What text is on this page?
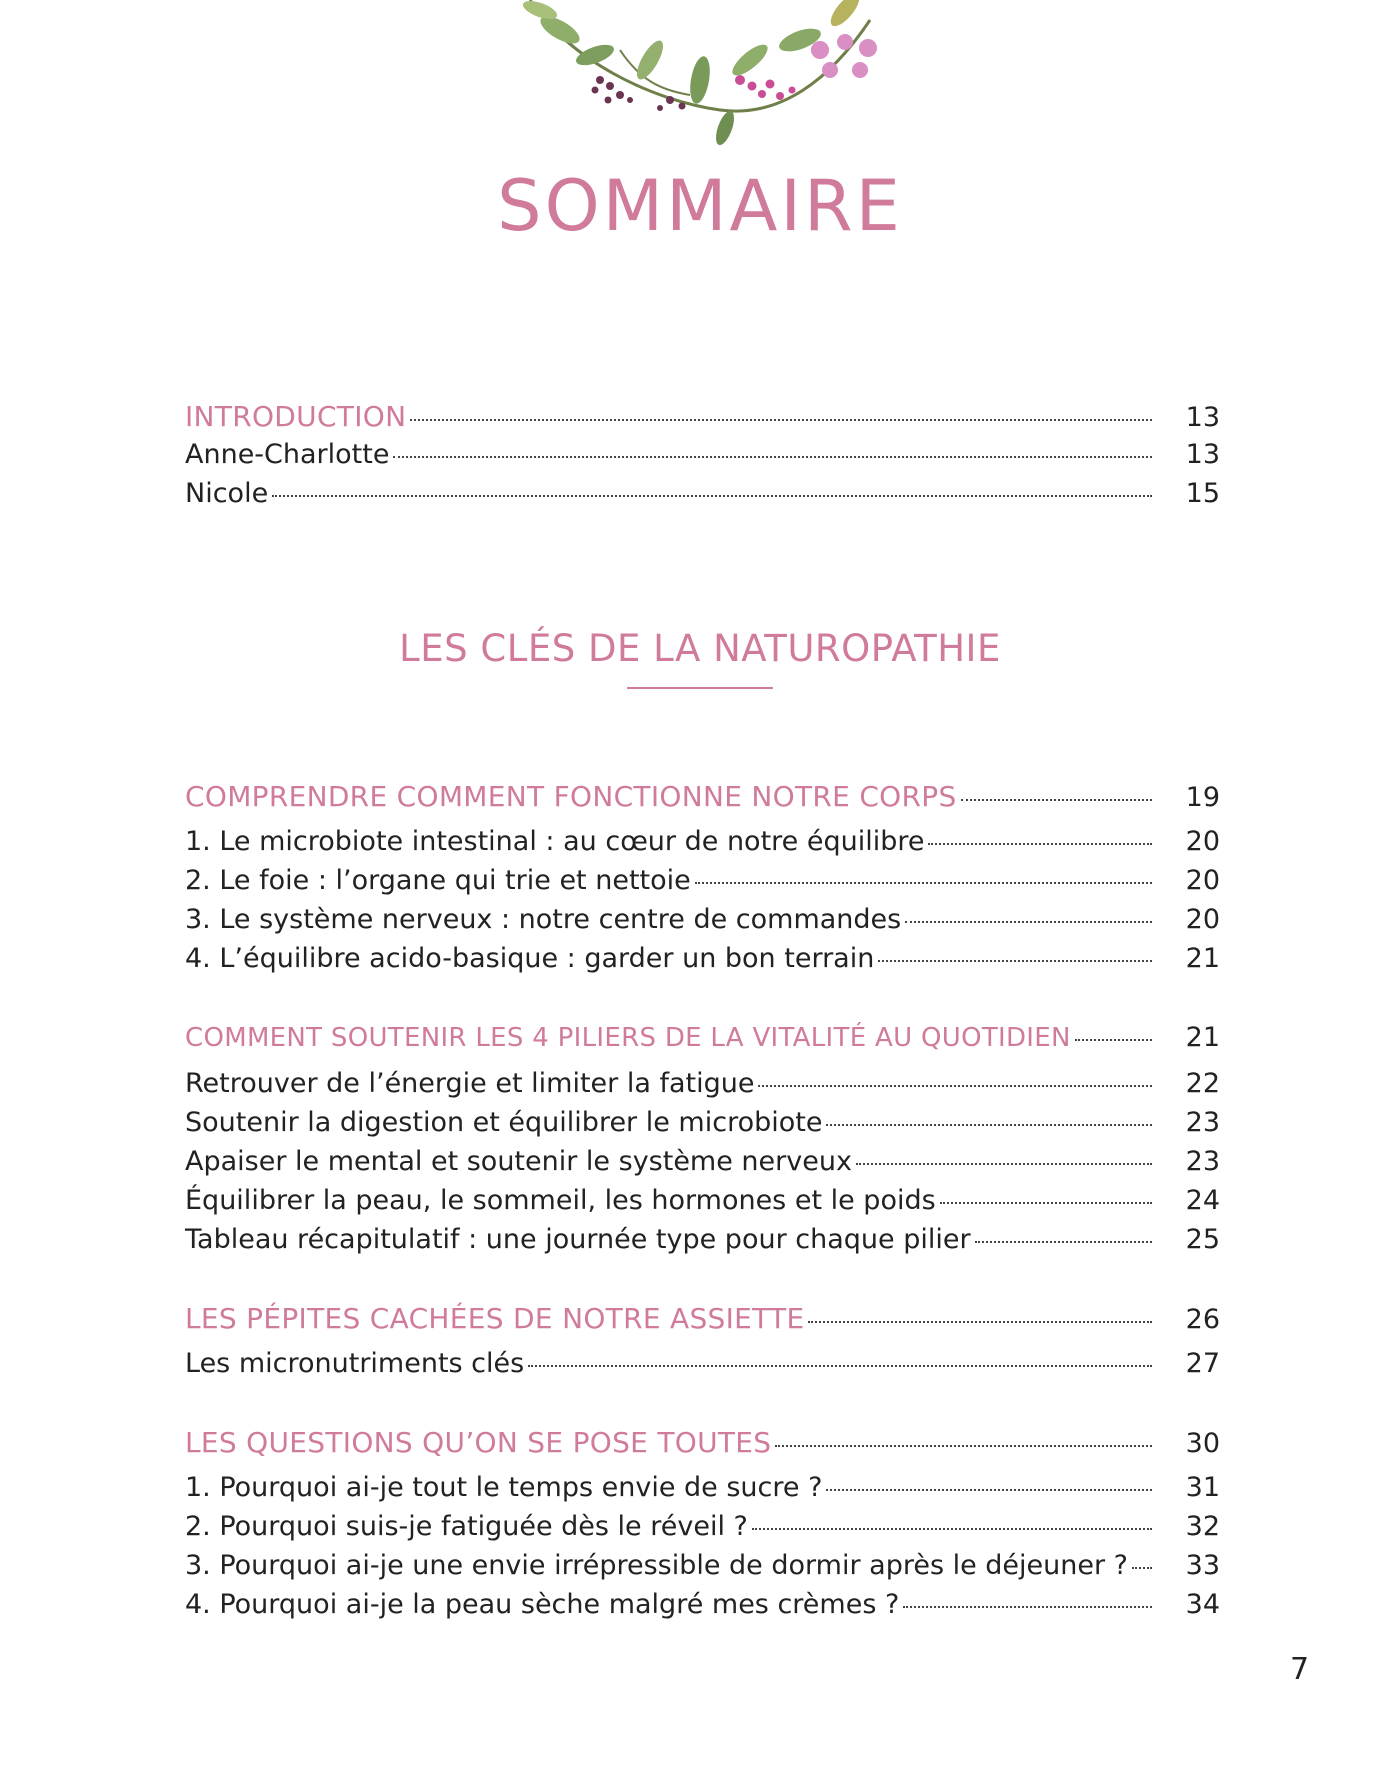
SOMMAIRE
INTRODUCTION	13
Anne-Charlotte	13
Nicole	15
LES CLÉS DE LA NATUROPATHIE
COMPRENDRE COMMENT FONCTIONNE NOTRE CORPS	19
1. Le microbiote intestinal : au cœur de notre équilibre	20
2. Le foie : l’organe qui trie et nettoie	20
3. Le système nerveux : notre centre de commandes	20
4. L’équilibre acido-basique : garder un bon terrain	21
COMMENT SOUTENIR LES 4 PILIERS DE LA VITALITÉ AU QUOTIDIEN	21
Retrouver de l’énergie et limiter la fatigue	22
Soutenir la digestion et équilibrer le microbiote	23
Apaiser le mental et soutenir le système nerveux	23
Équilibrer la peau, le sommeil, les hormones et le poids	24
Tableau récapitulatif : une journée type pour chaque pilier	25
LES PÉPITES CACHÉES DE NOTRE ASSIETTE	26
Les micronutriments clés	27
LES QUESTIONS QU’ON SE POSE TOUTES	30
1. Pourquoi ai-je tout le temps envie de sucre ?	31
2. Pourquoi suis-je fatiguée dès le réveil ?	32
3. Pourquoi ai-je une envie irrépressible de dormir après le déjeuner ?	33
4. Pourquoi ai-je la peau sèche malgré mes crèmes ?	34
7
